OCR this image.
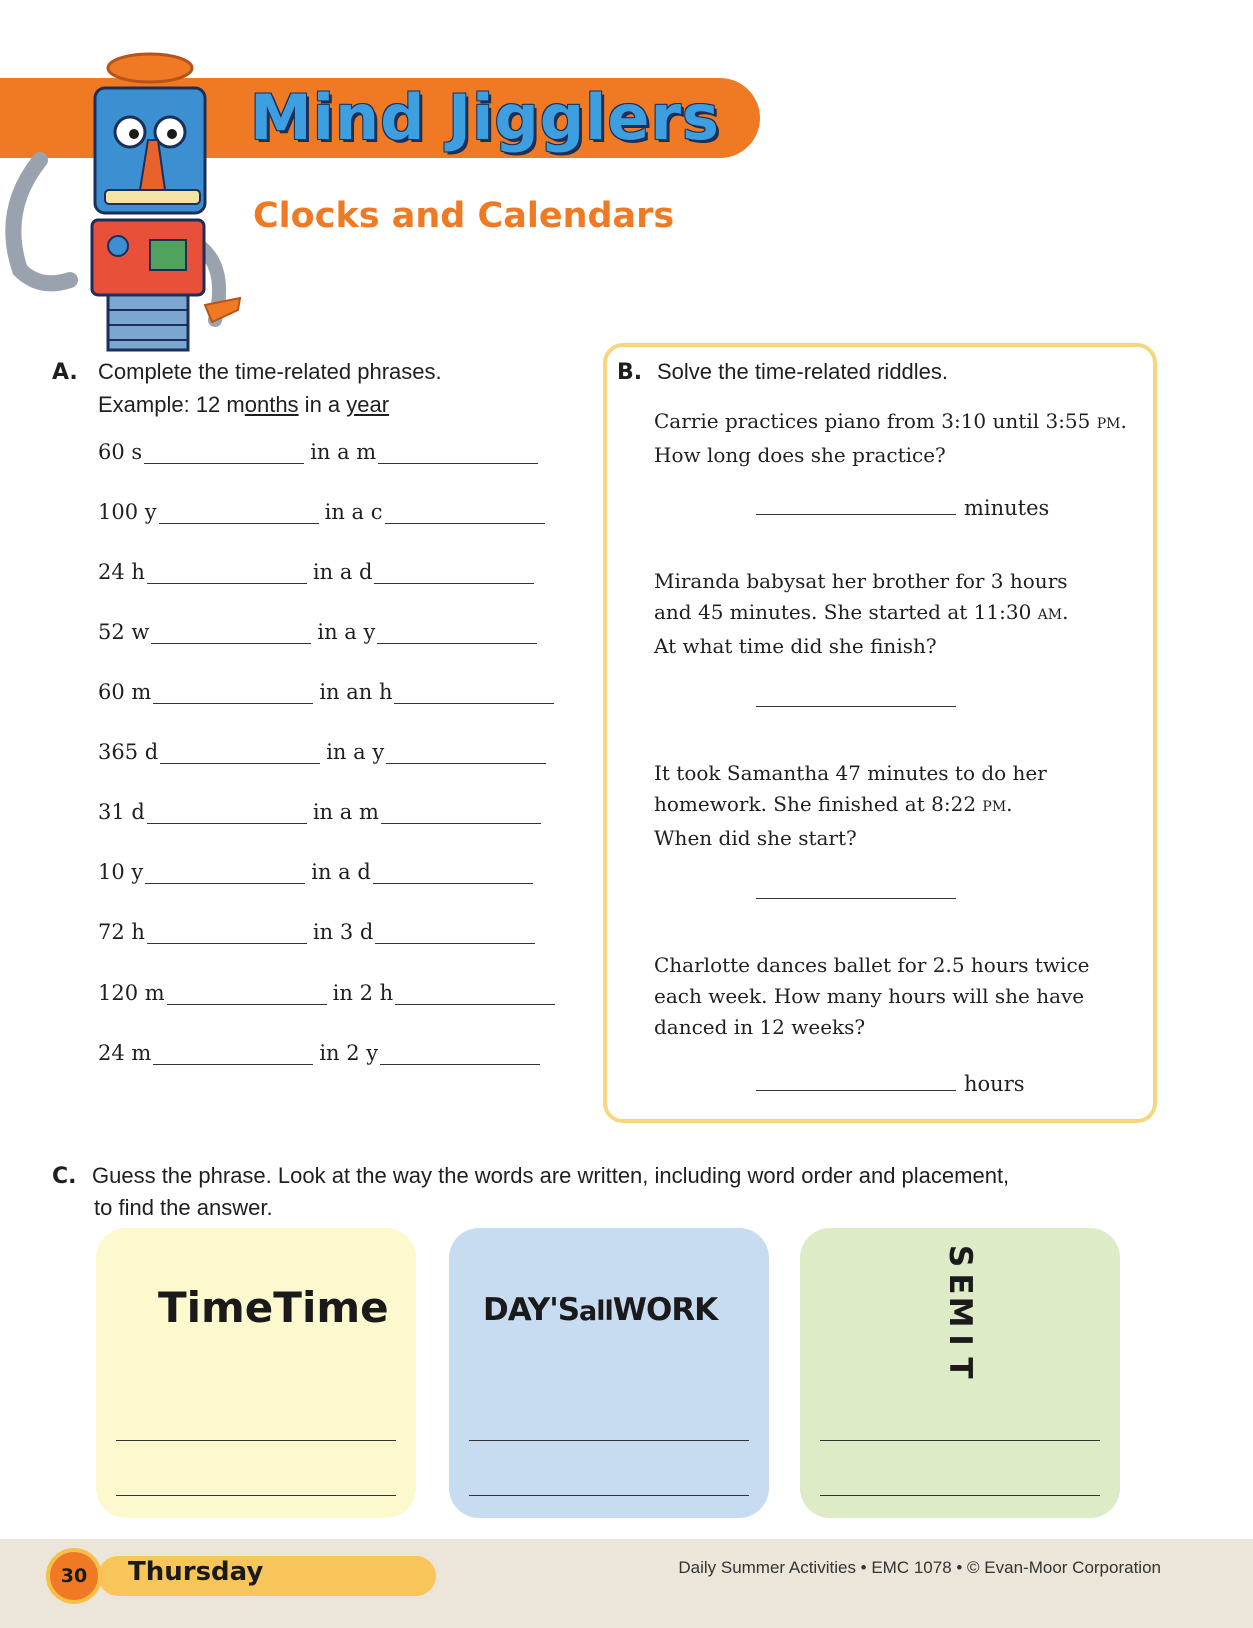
Mind Jigglers
Clocks and Calendars
A. Complete the time-related phrases.
Example: 12 months in a year
60 s	in a m
100 y	in a c
24 h	in a d
52 w	in a y
60 m	in an h
365 d	in a y
31 d	in a m
10 y	in a d
72 h	in 3 d
120 m	in 2 h
24 m	in 2 y
B. Solve the time-related riddles.
Carrie practices piano from 3:10 until 3:55 PM.
How long does she practice?
minutes
Miranda babysat her brother for 3 hours
and 45 minutes. She started at 11:30 AM.
At what time did she finish?
It took Samantha 47 minutes to do her
homework. She finished at 8:22 PM.
When did she start?
Charlotte dances ballet for 2.5 hours twice
each week. How many hours will she have
danced in 12 weeks?
hours
C. Guess the phrase. Look at the way the words are written, including word order and placement,
to find the answer.
TimeTime	DAY'SallWORK
S
E
M
I
T
30	Thursday	Daily Summer Activities • EMC 1078 • © Evan-Moor Corporation
